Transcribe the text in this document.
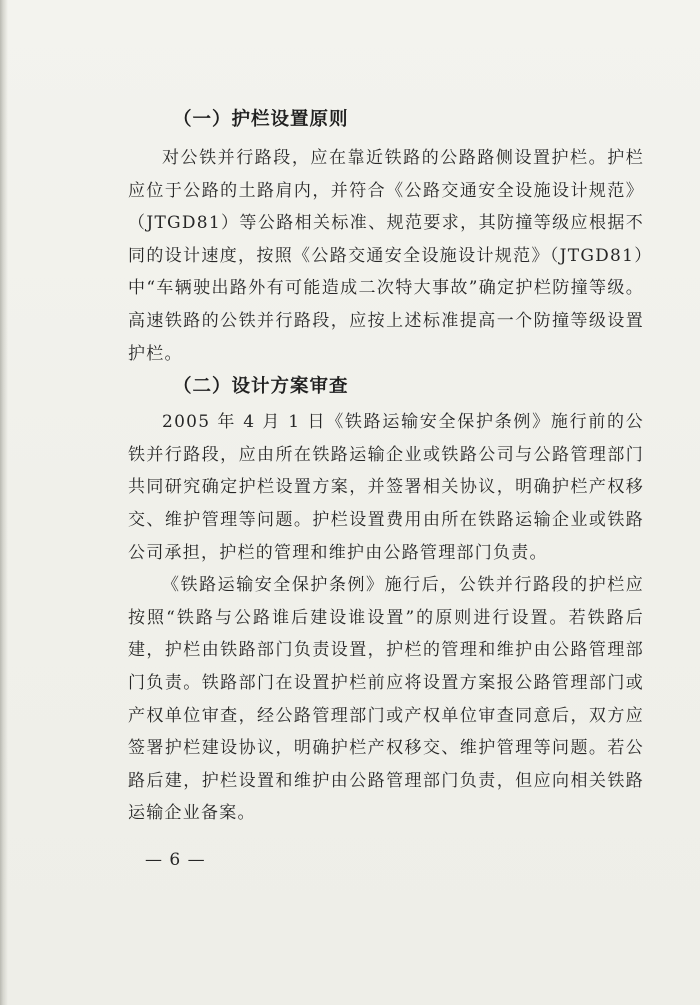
（一）护栏设置原则

对公铁并行路段，应在靠近铁路的公路路侧设置护栏。护栏应位于公路的土路肩内，并符合《公路交通安全设施设计规范》（JTGD81）等公路相关标准、规范要求，其防撞等级应根据不同的设计速度，按照《公路交通安全设施设计规范》（JTGD81）中“车辆驶出路外有可能造成二次特大事故”确定护栏防撞等级。高速铁路的公铁并行路段，应按上述标准提高一个防撞等级设置护栏。

（二）设计方案审查

2005 年 4 月 1 日《铁路运输安全保护条例》施行前的公铁并行路段，应由所在铁路运输企业或铁路公司与公路管理部门共同研究确定护栏设置方案，并签署相关协议，明确护栏产权移交、维护管理等问题。护栏设置费用由所在铁路运输企业或铁路公司承担，护栏的管理和维护由公路管理部门负责。

《铁路运输安全保护条例》施行后，公铁并行路段的护栏应按照“铁路与公路谁后建设谁设置”的原则进行设置。若铁路后建，护栏由铁路部门负责设置，护栏的管理和维护由公路管理部门负责。铁路部门在设置护栏前应将设置方案报公路管理部门或产权单位审查，经公路管理部门或产权单位审查同意后，双方应签署护栏建设协议，明确护栏产权移交、维护管理等问题。若公路后建，护栏设置和维护由公路管理部门负责，但应向相关铁路运输企业备案。

— 6 —
